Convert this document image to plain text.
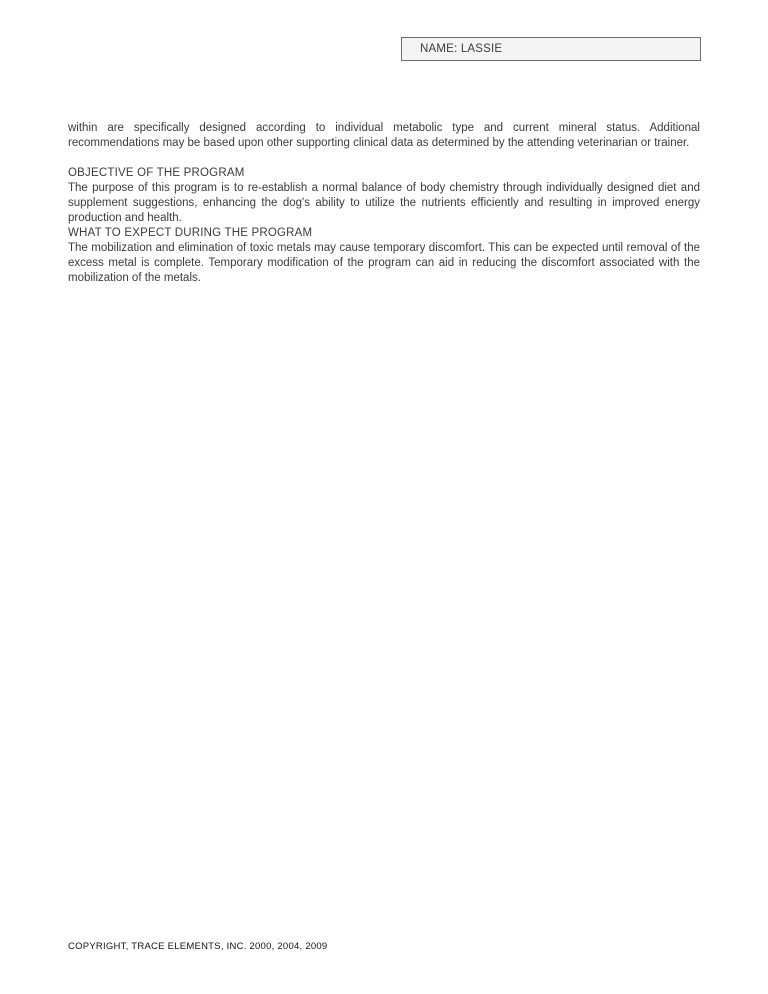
NAME: LASSIE

within are specifically designed according to individual metabolic type and current mineral status. Additional recommendations may be based upon other supporting clinical data as determined by the attending veterinarian or trainer.

OBJECTIVE OF THE PROGRAM

The purpose of this program is to re-establish a normal balance of body chemistry through individually designed diet and supplement suggestions, enhancing the dog's ability to utilize the nutrients efficiently and resulting in improved energy production and health.

WHAT TO EXPECT DURING THE PROGRAM

The mobilization and elimination of toxic metals may cause temporary discomfort. This can be expected until removal of the excess metal is complete. Temporary modification of the program can aid in reducing the discomfort associated with the mobilization of the metals.

COPYRIGHT, TRACE ELEMENTS, INC. 2000, 2004, 2009
